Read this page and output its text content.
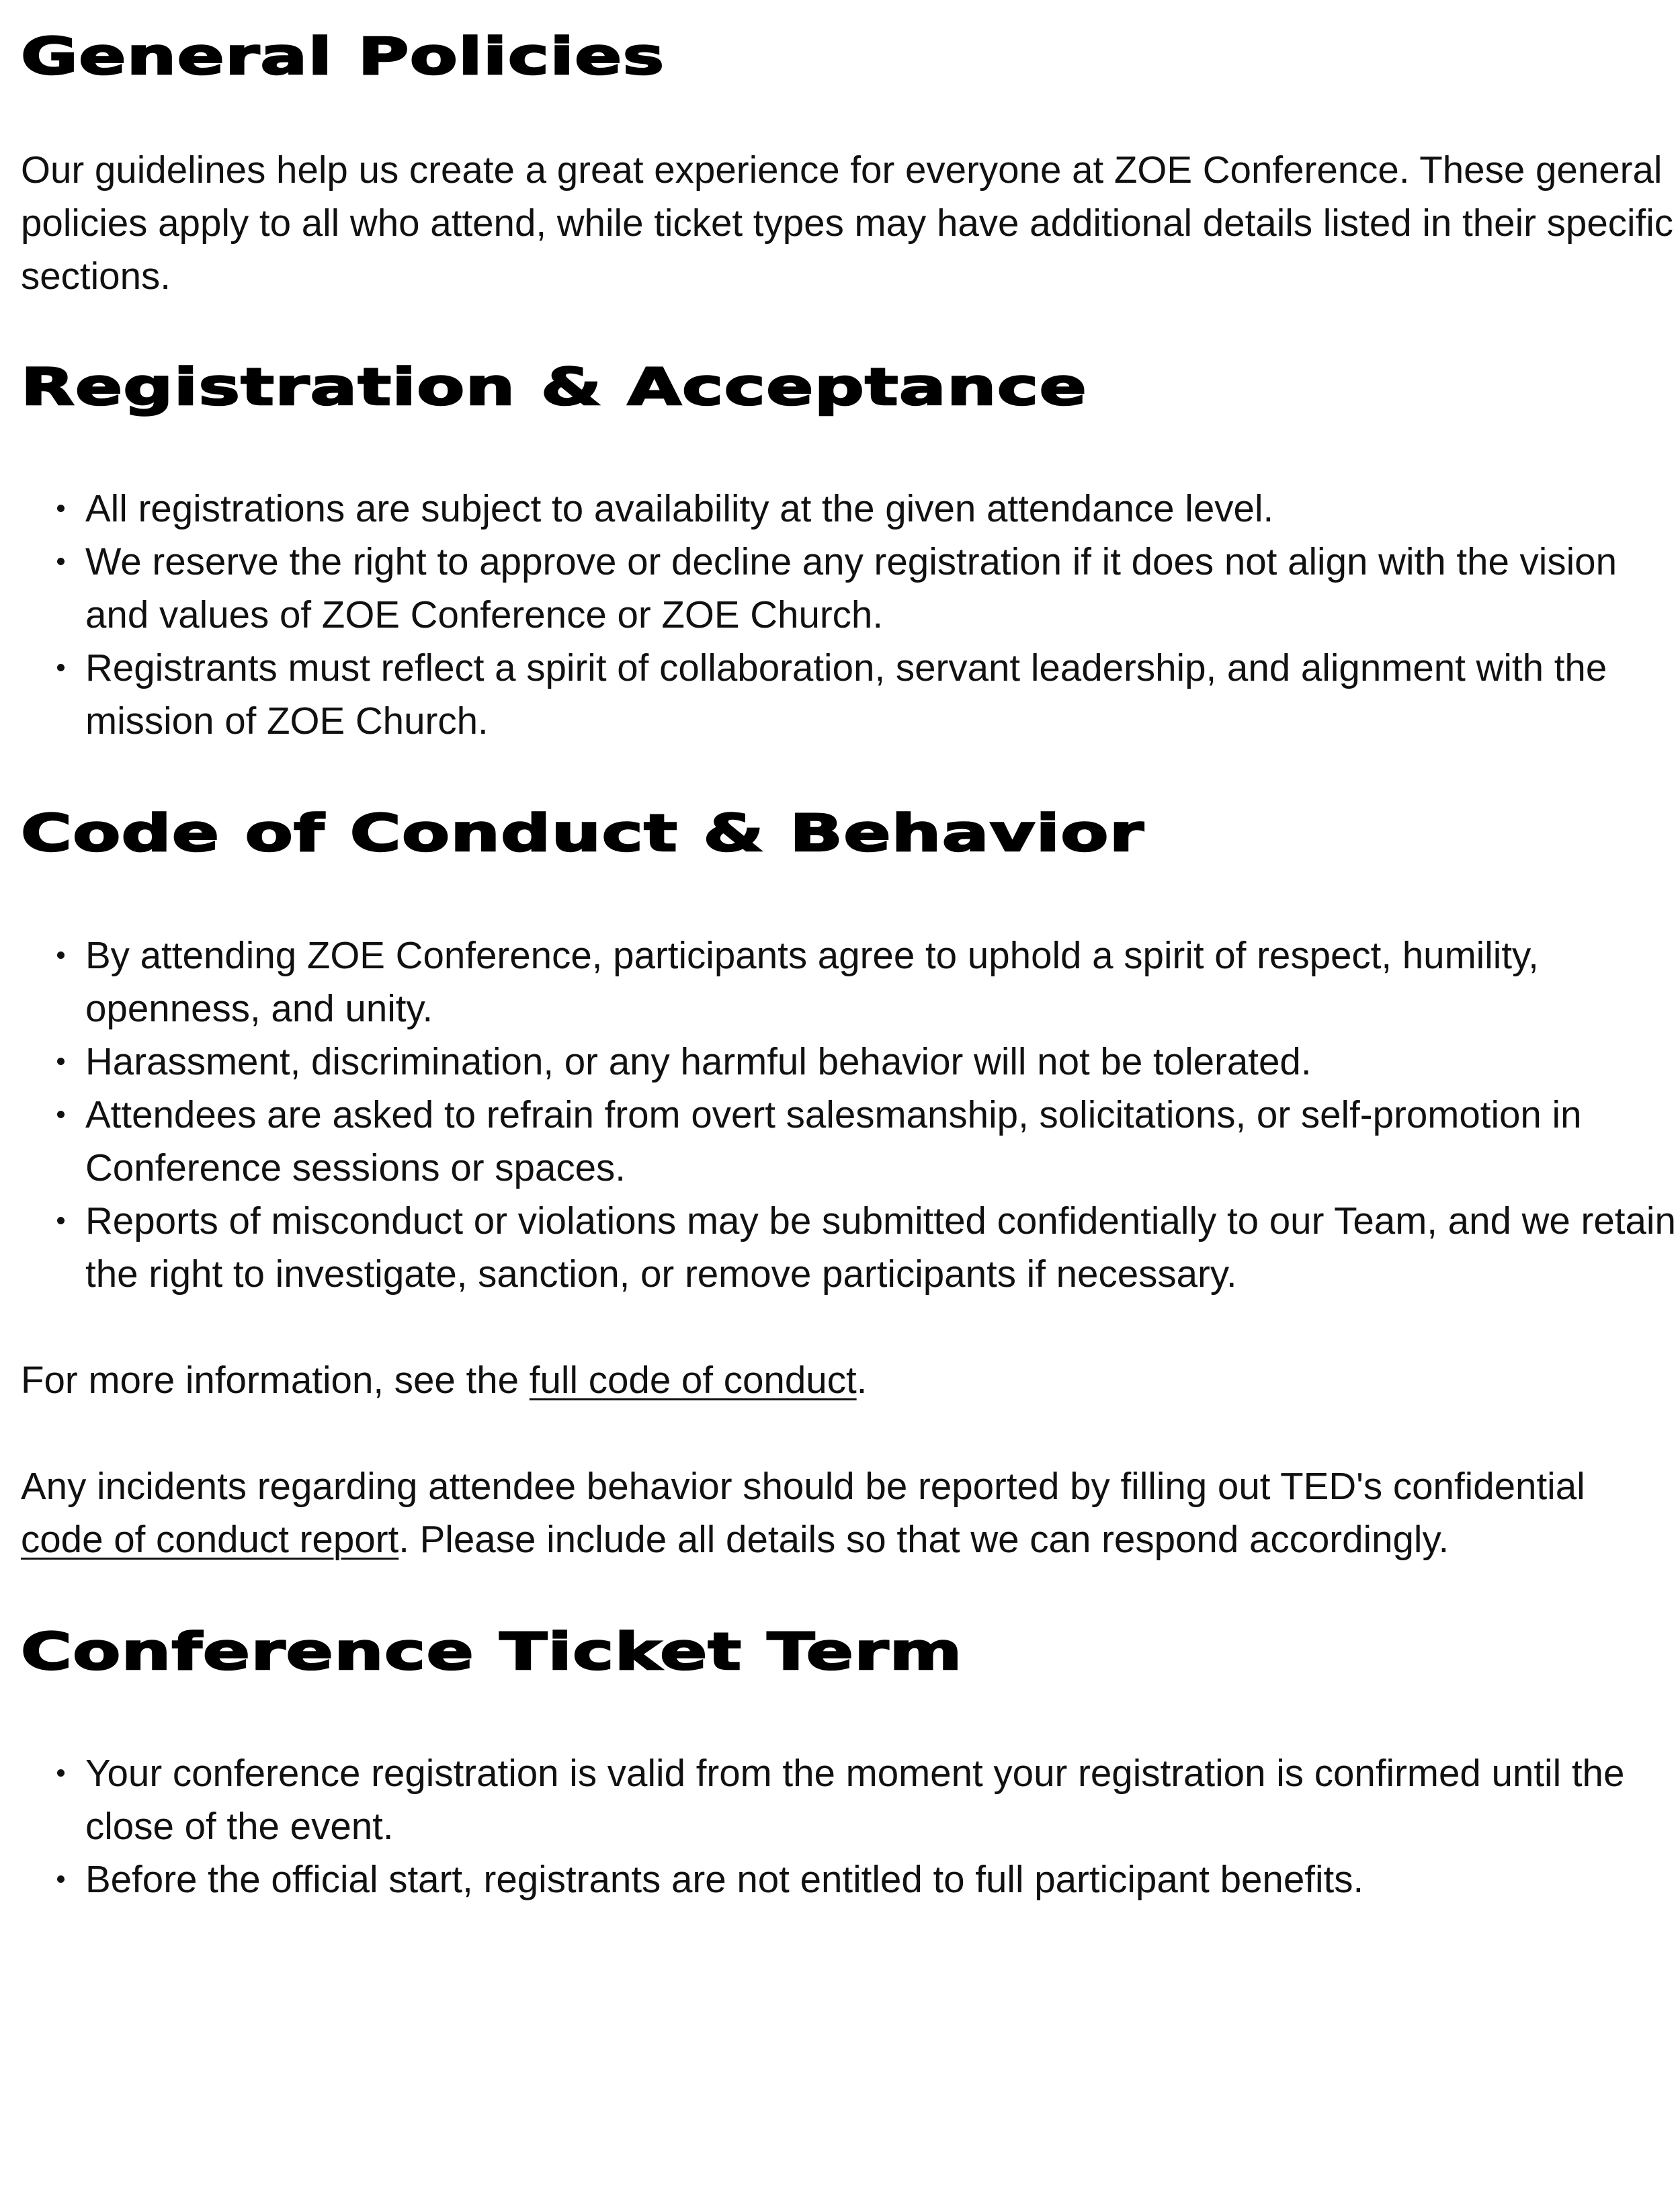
General Policies

Our guidelines help us create a great experience for everyone at ZOE Conference. These general policies apply to all who attend, while ticket types may have additional details listed in their specific sections.

Registration & Acceptance
All registrations are subject to availability at the given attendance level.
We reserve the right to approve or decline any registration if it does not align with the vision and values of ZOE Conference or ZOE Church.
Registrants must reflect a spirit of collaboration, servant leadership, and alignment with the mission of ZOE Church.
Code of Conduct & Behavior
By attending ZOE Conference, participants agree to uphold a spirit of respect, humility, openness, and unity.
Harassment, discrimination, or any harmful behavior will not be tolerated.
Attendees are asked to refrain from overt salesmanship, solicitations, or self-promotion in Conference sessions or spaces.
Reports of misconduct or violations may be submitted confidentially to our Team, and we retain the right to investigate, sanction, or remove participants if necessary.

For more information, see the full code of conduct.

Any incidents regarding attendee behavior should be reported by filling out TED's confidential code of conduct report. Please include all details so that we can respond accordingly.

Conference Ticket Term
Your conference registration is valid from the moment your registration is confirmed until the close of the event.
Before the official start, registrants are not entitled to full participant benefits.
